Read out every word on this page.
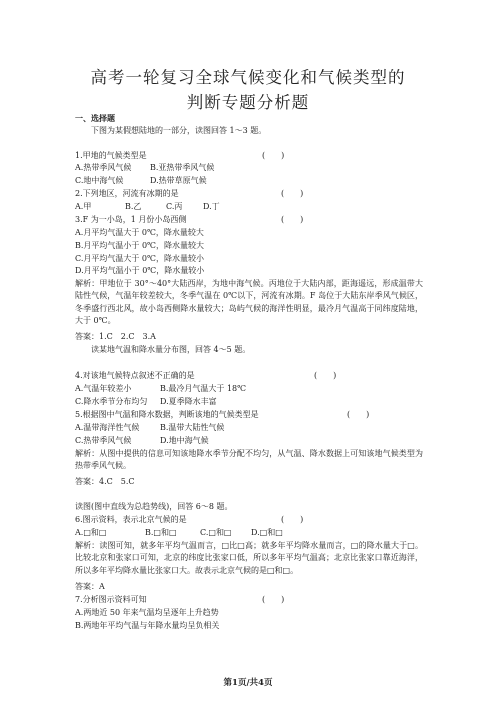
高考一轮复习全球气候变化和气候类型的
判断专题分析题
一、选择题
下图为某假想陆地的一部分，读图回答 1～3 题。
1.甲地的气候类型是	(　　)
A.热带季风气候 B.亚热带季风气候
C.地中海气候	D.热带草原气候
2.下列地区，河流有冰期的是	(　　)
A.甲	B.乙	C.丙	D.丁
3.F 为一小岛，1 月份小岛西侧	(　　)
A.月平均气温大于 0℃，降水量较大
B.月平均气温小于 0℃，降水量较大
C.月平均气温大于 0℃，降水量较小
D.月平均气温小于 0℃，降水量较小
解析：甲地位于 30°～40°大陆西岸，为地中海气候。丙地位于大陆内部，距海遥远，形成温带大陆性气候，气温年较差较大，冬季气温在 0℃以下，河流有冰期。F 岛位于大陆东岸季风气候区，冬季盛行西北风，故小岛西侧降水量较大；岛屿气候的海洋性明显，最冷月气温高于同纬度陆地，大于 0℃。
答案：1.C　2.C　3.A
读某地气温和降水量分布图，回答 4～5 题。
4.对该地气候特点叙述不正确的是	(　　)
A.气温年较差小	B.最冷月气温大于 18℃
C.降水季节分布均匀 D.夏季降水丰富
5.根据图中气温和降水数据，判断该地的气候类型是	(　　)
A.温带海洋性气候	B.温带大陆性气候
C.热带季风气候	D.地中海气候
解析：从图中提供的信息可知该地降水季节分配不均匀，从气温、降水数据上可知该地气候类型为热带季风气候。
答案：4.C　5.C
读图(图中直线为总趋势线)，回答 6～8 题。
6.图示资料，表示北京气候的是	(　　)
A.□和□	B.□和□	C.□和□ D.□和□
解析：读图可知，就多年平均气温而言，□比□高；就多年平均降水量而言，□的降水量大于□。比较北京和张家口可知，北京的纬度比张家口低，所以多年平均气温高；北京比张家口靠近海洋，所以多年平均降水量比张家口大。故表示北京气候的是□和□。
答案：A
7.分析图示资料可知	(　　)
A.两地近 50 年来气温均呈逐年上升趋势
B.两地年平均气温与年降水量均呈负相关
第1页/共4页
